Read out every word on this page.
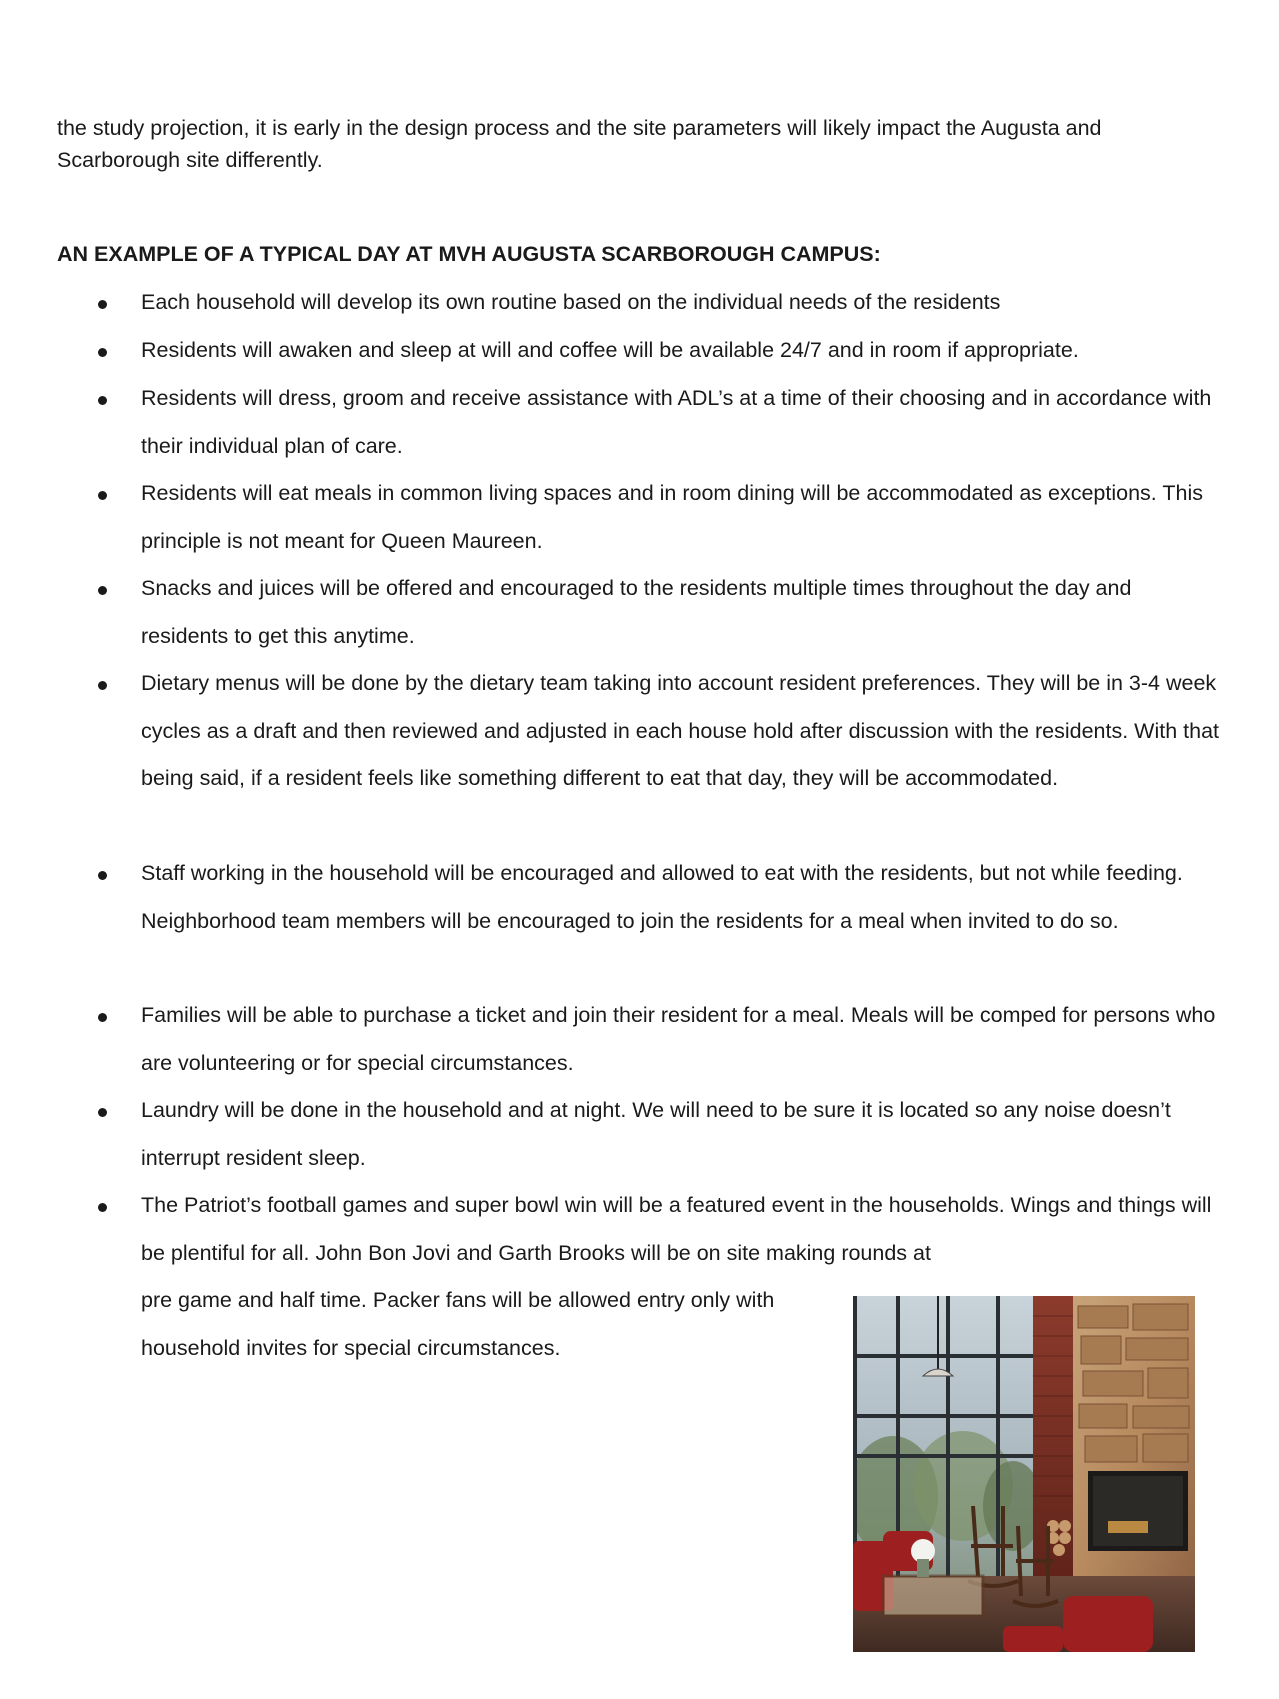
the study projection, it is early in the design process and the site parameters will likely impact the Augusta and Scarborough site differently.

AN EXAMPLE OF A TYPICAL DAY AT MVH AUGUSTA SCARBOROUGH CAMPUS:

Each household will develop its own routine based on the individual needs of the residents

Residents will awaken and sleep at will and coffee will be available 24/7 and in room if appropriate.

Residents will dress, groom and receive assistance with ADL’s at a time of their choosing and in accordance with their individual plan of care.

Residents will eat meals in common living spaces and in room dining will be accommodated as exceptions. This principle is not meant for Queen Maureen.

Snacks and juices will be offered and encouraged to the residents multiple times throughout the day and residents to get this anytime.

Dietary menus will be done by the dietary team taking into account resident preferences. They will be in 3-4 week cycles as a draft and then reviewed and adjusted in each house hold after discussion with the residents. With that being said, if a resident feels like something different to eat that day, they will be accommodated.

Staff working in the household will be encouraged and allowed to eat with the residents, but not while feeding. Neighborhood team members will be encouraged to join the residents for a meal when invited to do so.

Families will be able to purchase a ticket and join their resident for a meal. Meals will be comped for persons who are volunteering or for special circumstances.

Laundry will be done in the household and at night. We will need to be sure it is located so any noise doesn’t interrupt resident sleep.

The Patriot’s football games and super bowl win will be a featured event in the households. Wings and things will be plentiful for all. John Bon Jovi and Garth Brooks will be on site making rounds at

pre game and half time. Packer fans will be allowed entry only with household invites for special circumstances.
